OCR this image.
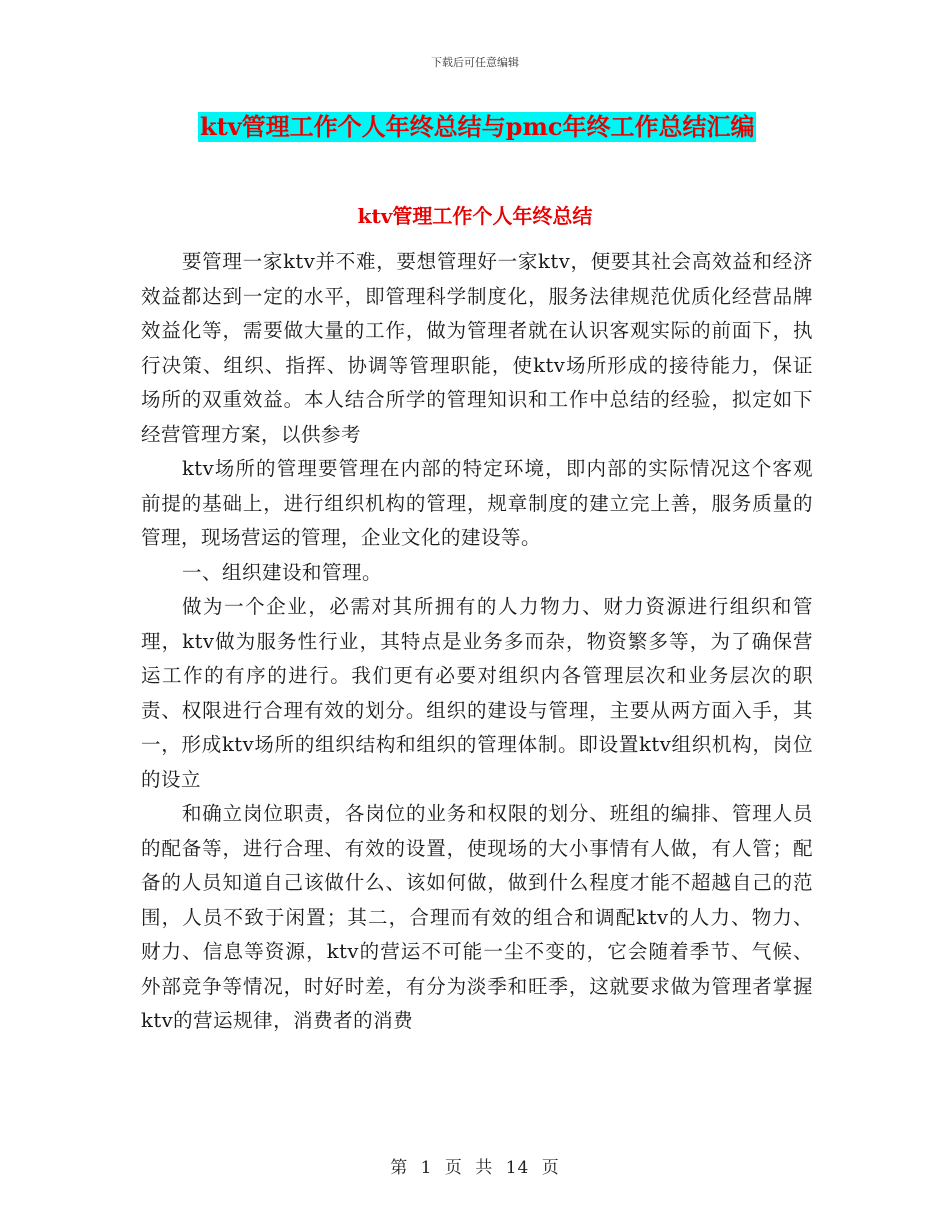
下载后可任意编辑
ktv管理工作个人年终总结与pmc年终工作总结汇编
ktv管理工作个人年终总结

要管理一家ktv并不难，要想管理好一家ktv，便要其社会高效益和经济效益都达到一定的水平，即管理科学制度化，服务法律规范优质化经营品牌效益化等，需要做大量的工作，做为管理者就在认识客观实际的前面下，执行决策、组织、指挥、协调等管理职能，使ktv场所形成的接待能力，保证场所的双重效益。本人结合所学的管理知识和工作中总结的经验，拟定如下经营管理方案，以供参考

ktv场所的管理要管理在内部的特定环境，即内部的实际情况这个客观前提的基础上，进行组织机构的管理，规章制度的建立完上善，服务质量的管理，现场营运的管理，企业文化的建设等。

一、组织建设和管理。

做为一个企业，必需对其所拥有的人力物力、财力资源进行组织和管理，ktv做为服务性行业，其特点是业务多而杂，物资繁多等，为了确保营运工作的有序的进行。我们更有必要对组织内各管理层次和业务层次的职责、权限进行合理有效的划分。组织的建设与管理，主要从两方面入手，其一，形成ktv场所的组织结构和组织的管理体制。即设置ktv组织机构，岗位的设立

和确立岗位职责，各岗位的业务和权限的划分、班组的编排、管理人员的配备等，进行合理、有效的设置，使现场的大小事情有人做，有人管；配备的人员知道自己该做什么、该如何做，做到什么程度才能不超越自己的范围，人员不致于闲置；其二，合理而有效的组合和调配ktv的人力、物力、财力、信息等资源，ktv的营运不可能一尘不变的，它会随着季节、气候、外部竞争等情况，时好时差，有分为淡季和旺季，这就要求做为管理者掌握ktv的营运规律，消费者的消费

第 1 页 共 14 页
